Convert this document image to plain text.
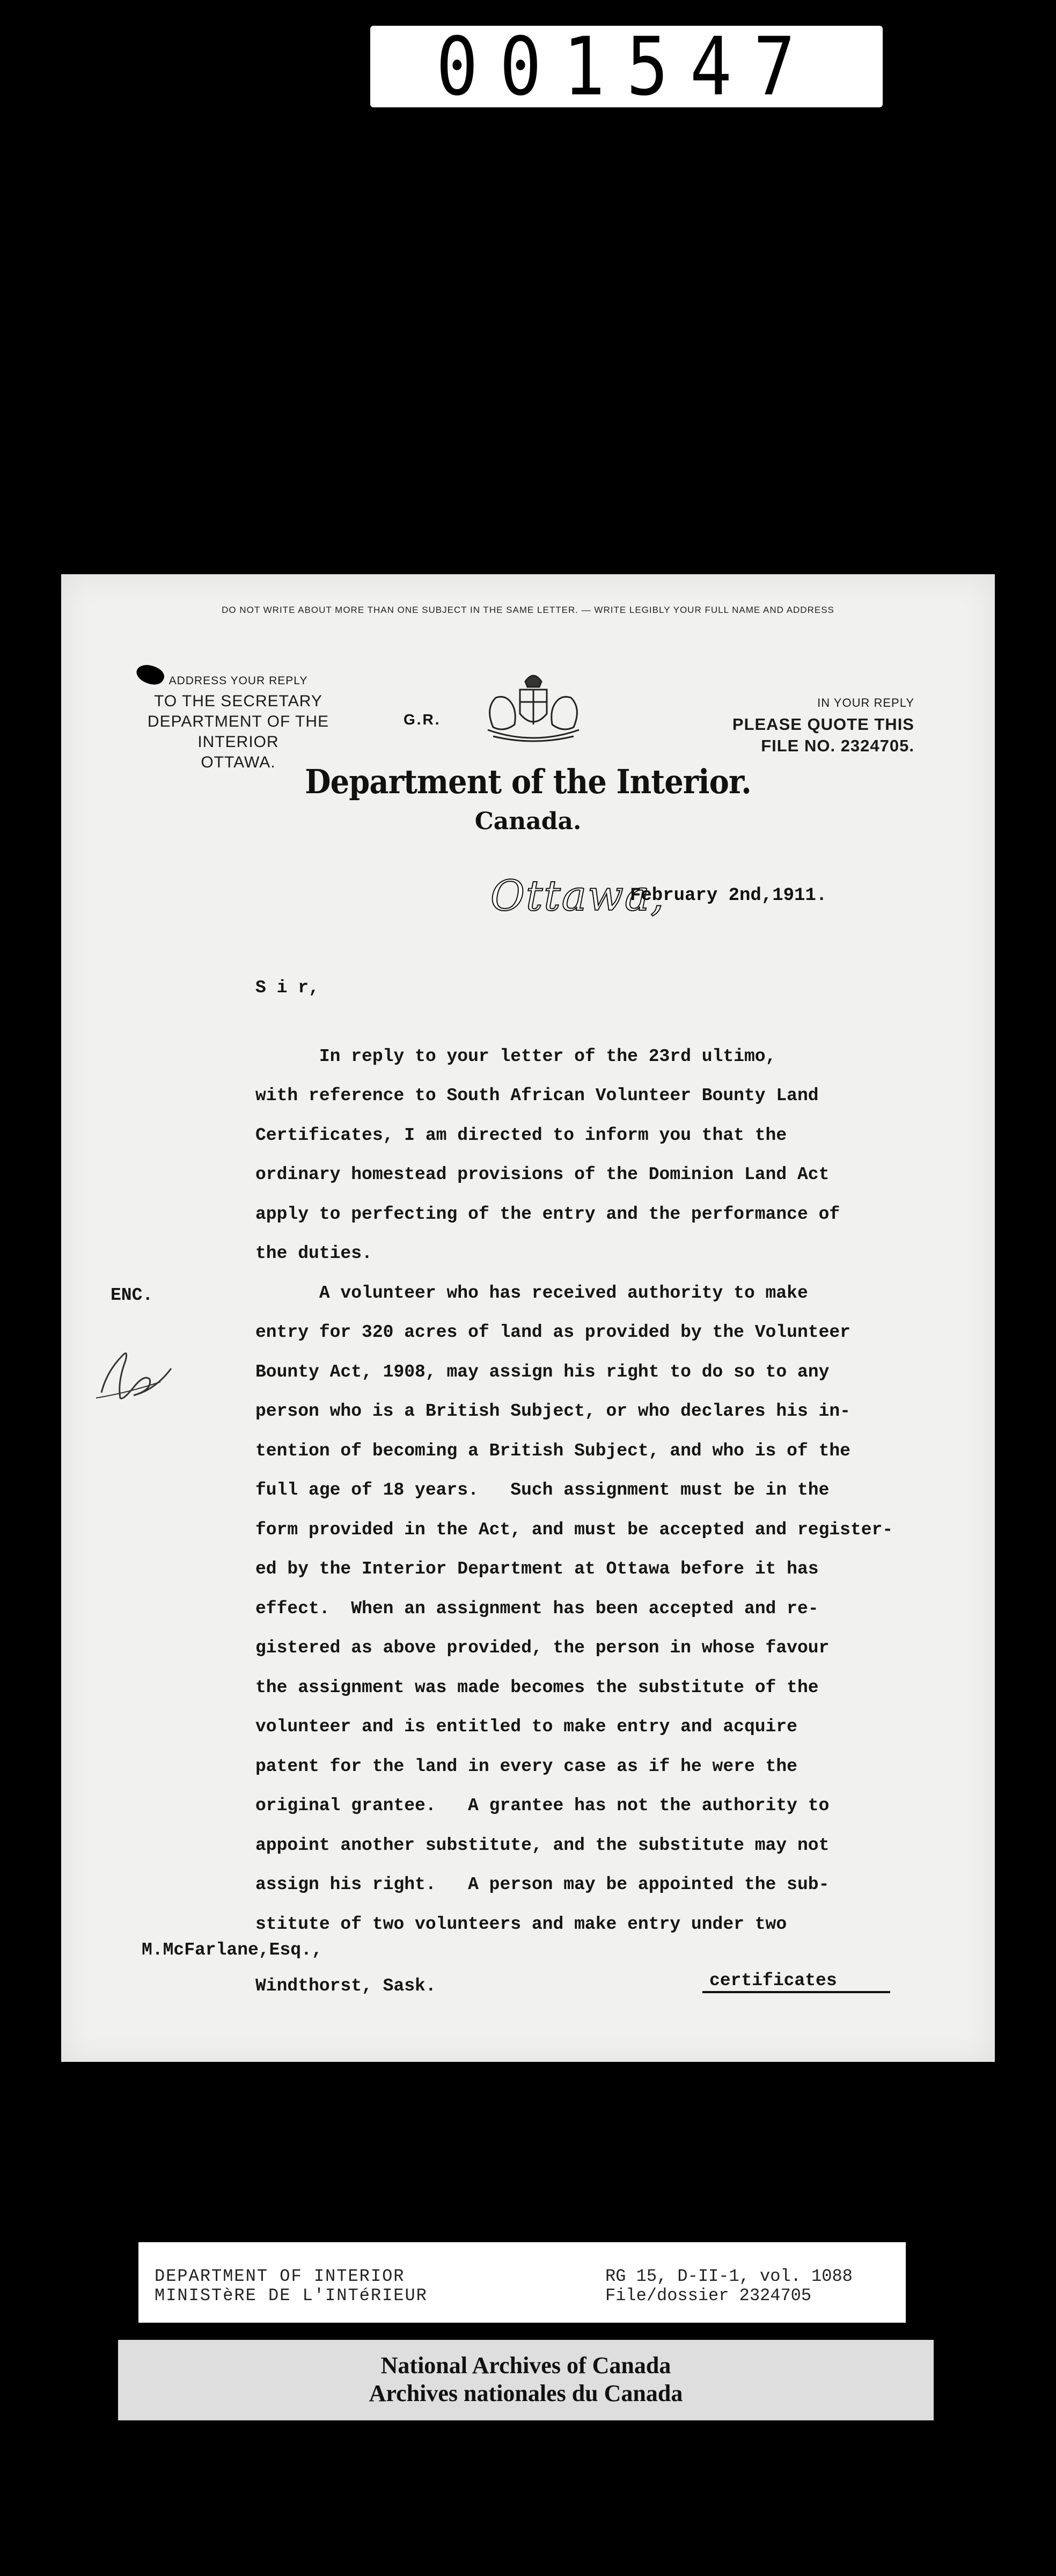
001547
DO NOT WRITE ABOUT MORE THAN ONE SUBJECT IN THE SAME LETTER. — WRITE LEGIBLY YOUR FULL NAME AND ADDRESS
ADDRESS YOUR REPLY
TO THE SECRETARY
DEPARTMENT OF THE INTERIOR
OTTAWA.
G.R.
IN YOUR REPLY
PLEASE QUOTE THIS
FILE NO. 2324705.
Department of the Interior.
Canada.
Ottawa,
February 2nd,1911.
S i r,
ENC.
In reply to your letter of the 23rd ultimo,
with reference to South African Volunteer Bounty Land
Certificates, I am directed to inform you that the
ordinary homestead provisions of the Dominion Land Act
apply to perfecting of the entry and the performance of
the duties.
A volunteer who has received authority to make
entry for 320 acres of land as provided by the Volunteer
Bounty Act, 1908, may assign his right to do so to any
person who is a British Subject, or who declares his in-
tention of becoming a British Subject, and who is of the
full age of 18 years.   Such assignment must be in the
form provided in the Act, and must be accepted and register-
ed by the Interior Department at Ottawa before it has
effect.  When an assignment has been accepted and re-
gistered as above provided, the person in whose favour
the assignment was made becomes the substitute of the
volunteer and is entitled to make entry and acquire
patent for the land in every case as if he were the
original grantee.   A grantee has not the authority to
appoint another substitute, and the substitute may not
assign his right.   A person may be appointed the sub-
stitute of two volunteers and make entry under two
M.McFarlane,Esq.,
Windthorst, Sask.	certificates
DEPARTMENT OF INTERIOR
MINISTèRE DE L'INTéRIEUR
RG 15, D-II-1, vol. 1088
File/dossier 2324705
National Archives of Canada
Archives nationales du Canada
